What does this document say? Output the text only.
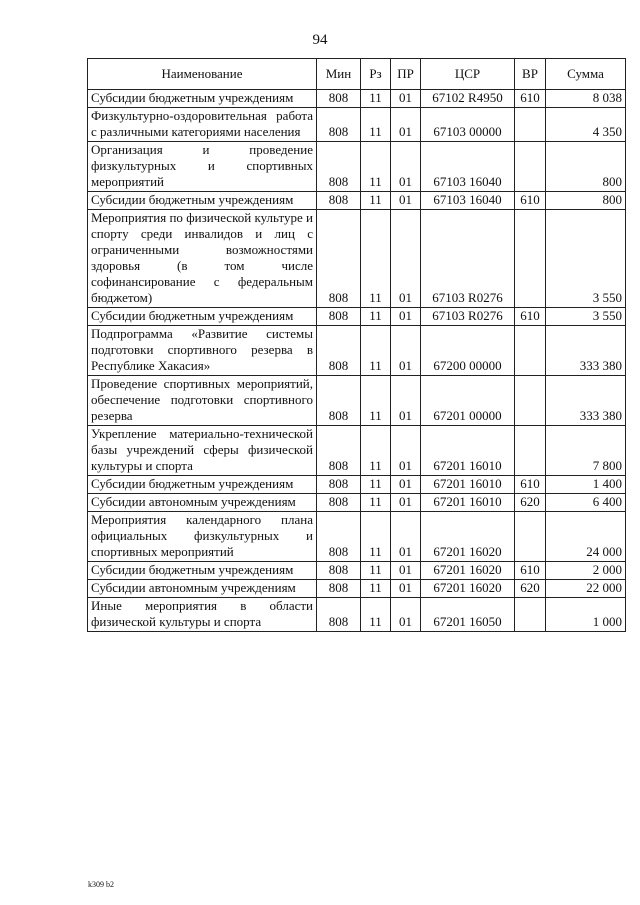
94
Наименование	Мин	Рз	ПР	ЦСР	ВР	Сумма
Субсидии бюджетным учреждениям	808	11	01	67102 R4950	610	8 038
Физкультурно-оздоровительная работа с различными категориями населения	808	11	01	67103 00000		4 350
Организация и проведение физкультурных и спортивных мероприятий	808	11	01	67103 16040		800
Субсидии бюджетным учреждениям	808	11	01	67103 16040	610	800
Мероприятия по физической культуре и спорту среди инвалидов и лиц с ограниченными возможностями здоровья (в том числе софинансирование с федеральным бюджетом)	808	11	01	67103 R0276		3 550
Субсидии бюджетным учреждениям	808	11	01	67103 R0276	610	3 550
Подпрограмма «Развитие системы подготовки спортивного резерва в Республике Хакасия»	808	11	01	67200 00000		333 380
Проведение спортивных мероприятий, обеспечение подготовки спортивного резерва	808	11	01	67201 00000		333 380
Укрепление материально-технической базы учреждений сферы физической культуры и спорта	808	11	01	67201 16010		7 800
Субсидии бюджетным учреждениям	808	11	01	67201 16010	610	1 400
Субсидии автономным учреждениям	808	11	01	67201 16010	620	6 400
Мероприятия календарного плана официальных физкультурных и спортивных мероприятий	808	11	01	67201 16020		24 000
Субсидии бюджетным учреждениям	808	11	01	67201 16020	610	2 000
Субсидии автономным учреждениям	808	11	01	67201 16020	620	22 000
Иные мероприятия в области физической культуры и спорта	808	11	01	67201 16050		1 000
k309 b2
